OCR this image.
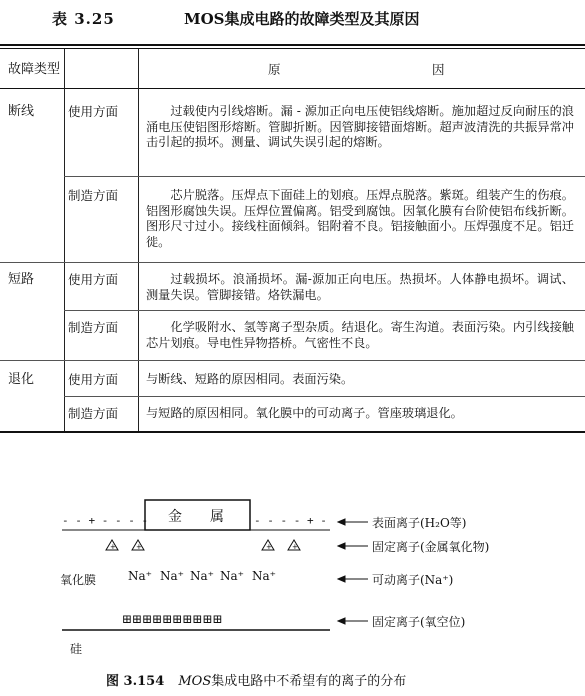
表 3.25	MOS集成电路的故障类型及其原因
故障类型	原	因
断线	使用方面	过载使内引线熔断。漏 - 源加正向电压使铝线熔断。施加超过反向耐压的浪涌电压使铝图形熔断。管脚折断。因管脚接错面熔断。超声波清洗的共振异常冲击引起的损坏。测量、调试失误引起的熔断。
制造方面	芯片脱落。压焊点下面硅上的划痕。压焊点脱落。紫斑。组装产生的伤痕。铝图形腐蚀失误。压焊位置偏离。铝受到腐蚀。因氧化膜有台阶使铝布线折断。图形尺寸过小。接线柱面倾斜。铝附着不良。铝接触面小。压焊强度不足。铝迁徙。
短路	使用方面	过载损坏。浪涌损坏。漏-源加正向电压。热损坏。人体静电损坏。调试、测量失误。管脚接错。烙铁漏电。
制造方面	化学吸附水、氢等离子型杂质。结退化。寄生沟道。表面污染。内引线接触芯片划痕。导电性异物搭桥。气密性不良。
退化	使用方面	与断线、短路的原因相同。表面污染。
制造方面	与短路的原因相同。氧化膜中的可动离子。管座玻璃退化。
+	+	+	+
金　　属
- - + - - - -	- - - - + -	表面离子(H₂O等)
固定离子(金属氧化物)
可动离子(Na⁺)
固定离子(氧空位)
氧化膜	Na⁺ Na⁺ Na⁺ Na⁺ Na⁺
⊞⊞⊞⊞⊞⊞⊞⊞⊞⊞
硅
图 3.154 MOS集成电路中不希望有的离子的分布
